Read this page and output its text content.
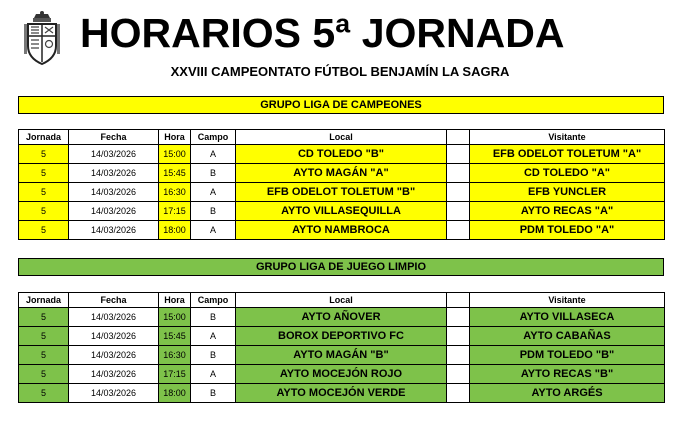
HORARIOS 5ª JORNADA
XXVIII CAMPEONTATO FÚTBOL BENJAMÍN LA SAGRA
GRUPO LIGA DE CAMPEONES
Jornada	Fecha	Hora	Campo	Local		Visitante
5	14/03/2026	15:00	A	CD TOLEDO "B"		EFB ODELOT TOLETUM "A"
5	14/03/2026	15:45	B	AYTO MAGÁN "A"		CD TOLEDO "A"
5	14/03/2026	16:30	A	EFB ODELOT TOLETUM "B"		EFB YUNCLER
5	14/03/2026	17:15	B	AYTO VILLASEQUILLA		AYTO RECAS "A"
5	14/03/2026	18:00	A	AYTO NAMBROCA		PDM TOLEDO "A"
GRUPO LIGA DE JUEGO LIMPIO
Jornada	Fecha	Hora	Campo	Local		Visitante
5	14/03/2026	15:00	B	AYTO AÑOVER		AYTO VILLASECA
5	14/03/2026	15:45	A	BOROX DEPORTIVO FC		AYTO CABAÑAS
5	14/03/2026	16:30	B	AYTO MAGÁN "B"		PDM TOLEDO "B"
5	14/03/2026	17:15	A	AYTO MOCEJÓN ROJO		AYTO RECAS "B"
5	14/03/2026	18:00	B	AYTO MOCEJÓN VERDE		AYTO ARGÉS
